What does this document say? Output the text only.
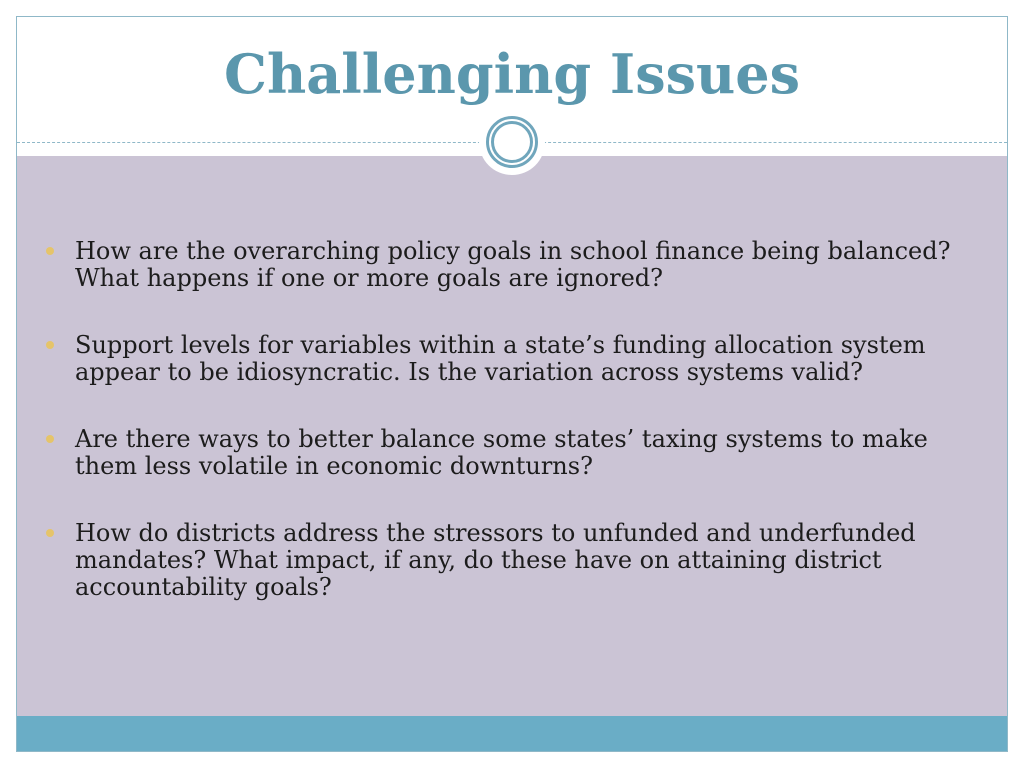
Challenging Issues
How are the overarching policy goals in school finance being balanced? What happens if one or more goals are ignored?
Support levels for variables within a state’s funding allocation system appear to be idiosyncratic. Is the variation across systems valid?
Are there ways to better balance some states’ taxing systems to make them less volatile in economic downturns?
How do districts address the stressors to unfunded and underfunded mandates? What impact, if any, do these have on attaining district accountability goals?
